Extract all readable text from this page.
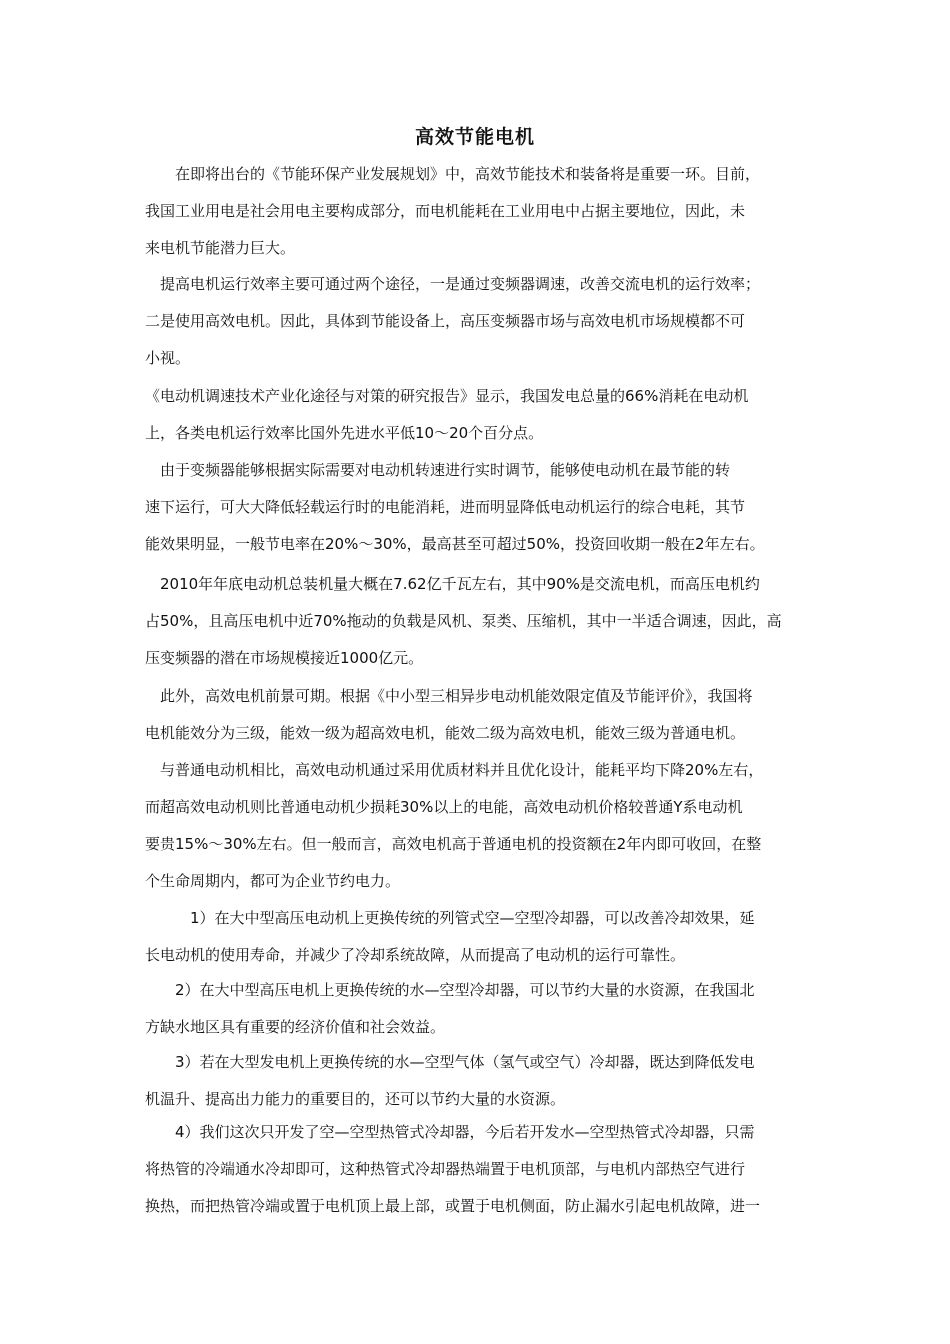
高效节能电机
　　在即将出台的《节能环保产业发展规划》中，高效节能技术和装备将是重要一环。目前，
我国工业用电是社会用电主要构成部分，而电机能耗在工业用电中占据主要地位，因此，未
来电机节能潜力巨大。
　提高电机运行效率主要可通过两个途径，一是通过变频器调速，改善交流电机的运行效率；
二是使用高效电机。因此，具体到节能设备上，高压变频器市场与高效电机市场规模都不可
小视。
《电动机调速技术产业化途径与对策的研究报告》显示，我国发电总量的66%消耗在电动机
上，各类电机运行效率比国外先进水平低10～20个百分点。
　由于变频器能够根据实际需要对电动机转速进行实时调节，能够使电动机在最节能的转
速下运行，可大大降低轻载运行时的电能消耗，进而明显降低电动机运行的综合电耗，其节
能效果明显，一般节电率在20%～30%，最高甚至可超过50%，投资回收期一般在2年左右。
　2010年年底电动机总装机量大概在7.62亿千瓦左右，其中90%是交流电机，而高压电机约
占50%，且高压电机中近70%拖动的负载是风机、泵类、压缩机，其中一半适合调速，因此，高
压变频器的潜在市场规模接近1000亿元。
　此外，高效电机前景可期。根据《中小型三相异步电动机能效限定值及节能评价》，我国将
电机能效分为三级，能效一级为超高效电机，能效二级为高效电机，能效三级为普通电机。
　与普通电动机相比，高效电动机通过采用优质材料并且优化设计，能耗平均下降20%左右，
而超高效电动机则比普通电动机少损耗30%以上的电能，高效电动机价格较普通Y系电动机
要贵15%～30%左右。但一般而言，高效电机高于普通电机的投资额在2年内即可收回，在整
个生命周期内，都可为企业节约电力。
　　　1）在大中型高压电动机上更换传统的列管式空—空型冷却器，可以改善冷却效果，延
长电动机的使用寿命，并减少了冷却系统故障，从而提高了电动机的运行可靠性。
　　2）在大中型高压电机上更换传统的水—空型冷却器，可以节约大量的水资源，在我国北
方缺水地区具有重要的经济价值和社会效益。
　　3）若在大型发电机上更换传统的水—空型气体（氢气或空气）冷却器，既达到降低发电
机温升、提高出力能力的重要目的，还可以节约大量的水资源。
　　4）我们这次只开发了空—空型热管式冷却器，今后若开发水—空型热管式冷却器，只需
将热管的冷端通水冷却即可，这种热管式冷却器热端置于电机顶部，与电机内部热空气进行
换热，而把热管冷端或置于电机顶上最上部，或置于电机侧面，防止漏水引起电机故障，进一
